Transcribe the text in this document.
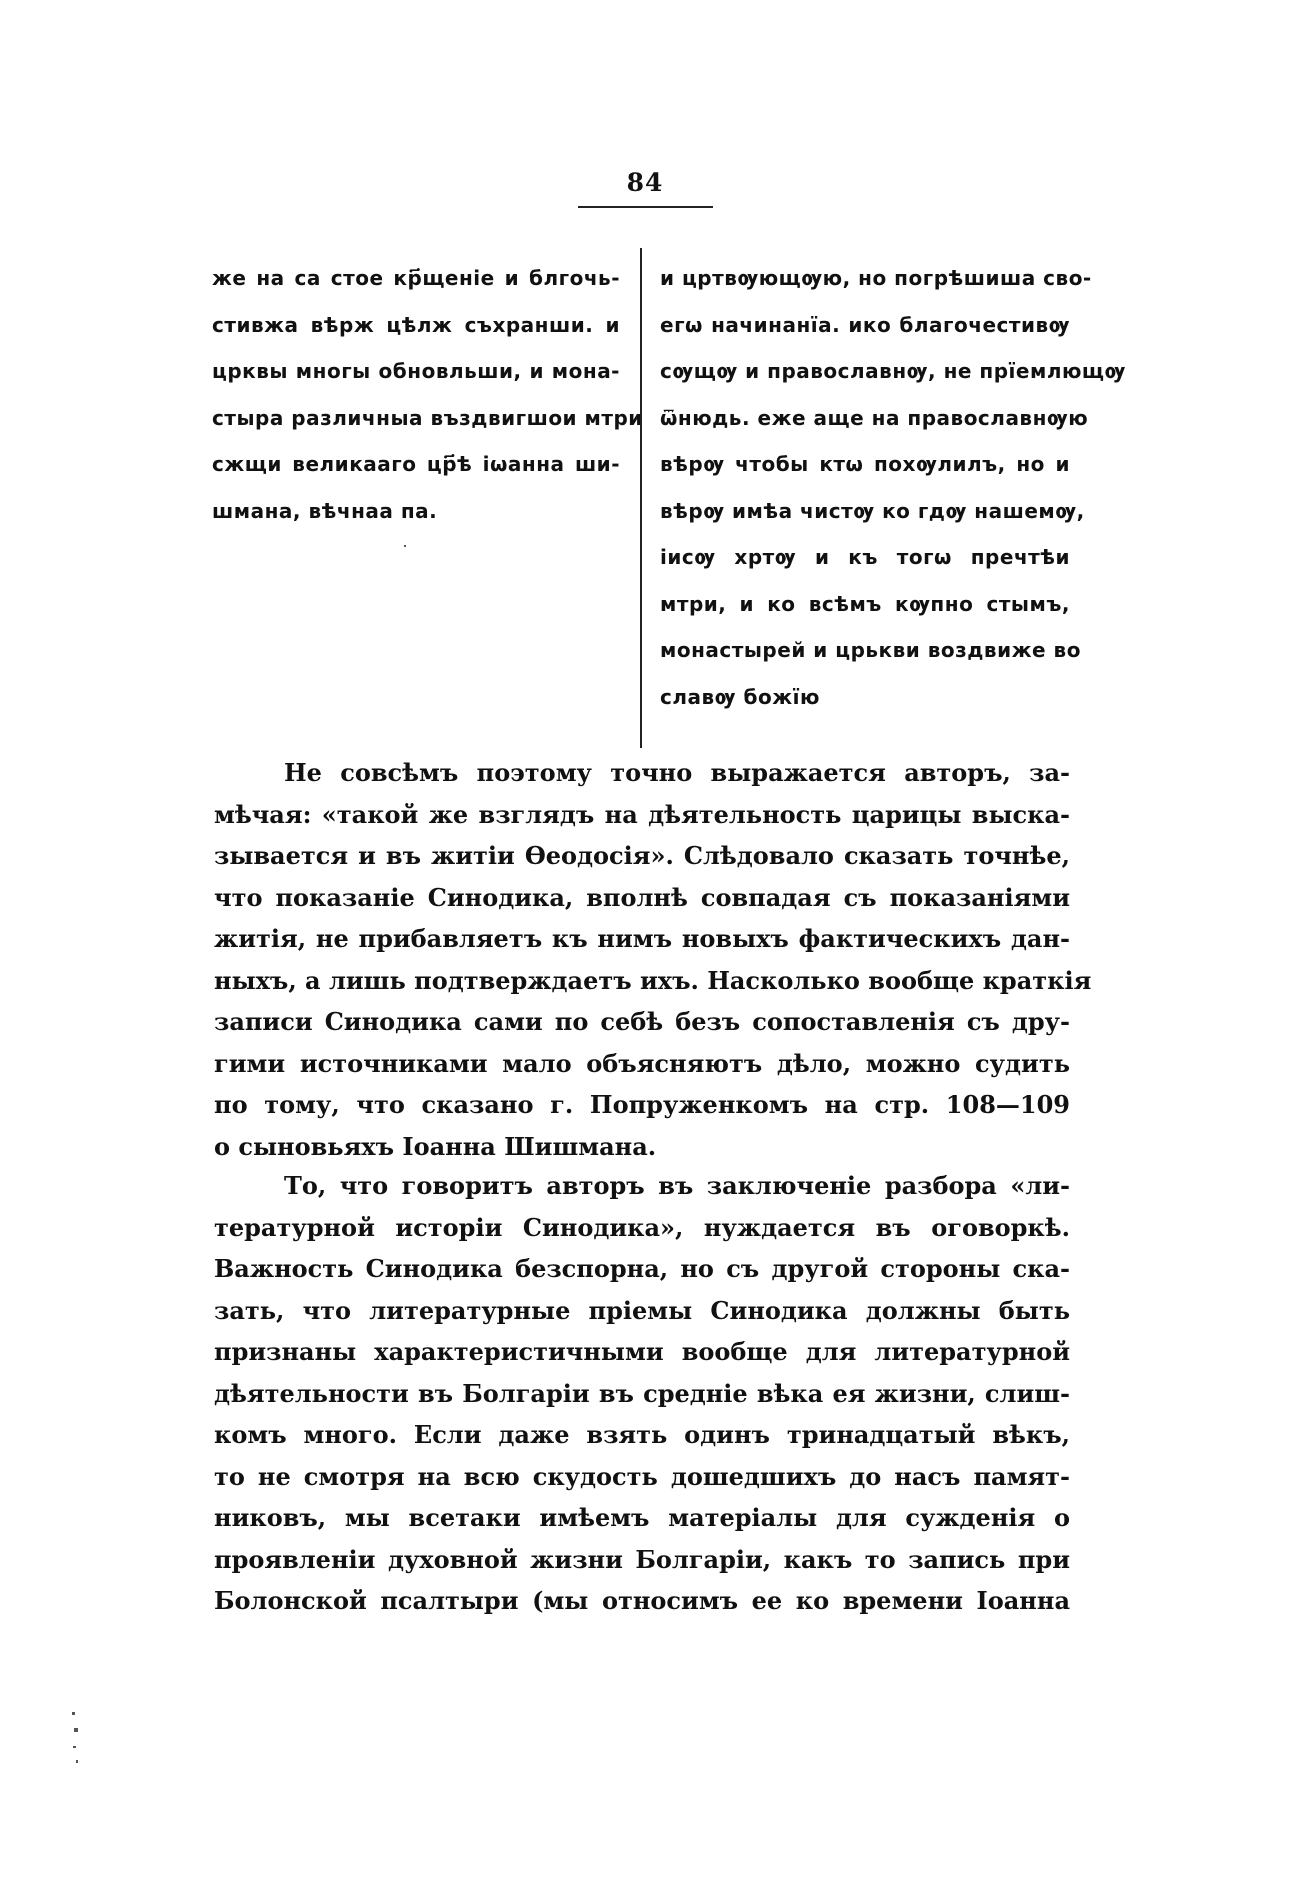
84
же на са стое кр҃щеніе и блгочь-
стивжа вѣрж цѣлж съхранши. и
црквы многы обновльши, и мона-
стыра различныа въздвигшои мтри
сжщи великааго цр҃ѣ іѡанна ши-
шмана, вѣчнаа па.
и цртвѹющѹю, но погрѣшиша сво-
егѡ начинанїа. ико благочестивѹ
сѹщѹ и православнѹ, не прїемлющѹ
ѿнюдь. еже аще на православнѹю
вѣрѹ чтобы ктѡ похѹлилъ, но и
вѣрѹ имѣа чистѹ ко гдѹ нашемѹ,
іисѹ хртѹ и къ тогѡ пречтѣи
мтри, и ко всѣмъ кѹпно стымъ,
монастырей и црькви воздвиже во
славѹ божїю
Не совсѣмъ поэтому точно выражается авторъ, за-
мѣчая: «такой же взглядъ на дѣятельность царицы выска-
зывается и въ житіи Ѳеодосія». Слѣдовало сказать точнѣе,
что показаніе Синодика, вполнѣ совпадая съ показаніями
житія, не прибавляетъ къ нимъ новыхъ фактическихъ дан-
ныхъ, а лишь подтверждаетъ ихъ. Насколько вообще краткія
записи Синодика сами по себѣ безъ сопоставленія съ дру-
гими источниками мало объясняютъ дѣло, можно судить
по тому, что сказано г. Попруженкомъ на стр. 108—109
о сыновьяхъ Іоанна Шишмана.
То, что говоритъ авторъ въ заключеніе разбора «ли-
тературной исторіи Синодика», нуждается въ оговоркѣ.
Важность Синодика безспорна, но съ другой стороны ска-
зать, что литературные пріемы Синодика должны быть
признаны характеристичными вообще для литературной
дѣятельности въ Болгаріи въ средніе вѣка ея жизни, слиш-
комъ много. Если даже взять одинъ тринадцатый вѣкъ,
то не смотря на всю скудость дошедшихъ до насъ памят-
никовъ, мы всетаки имѣемъ матеріалы для сужденія о
проявленіи духовной жизни Болгаріи, какъ то запись при
Болонской псалтыри (мы относимъ ее ко времени Іоанна
